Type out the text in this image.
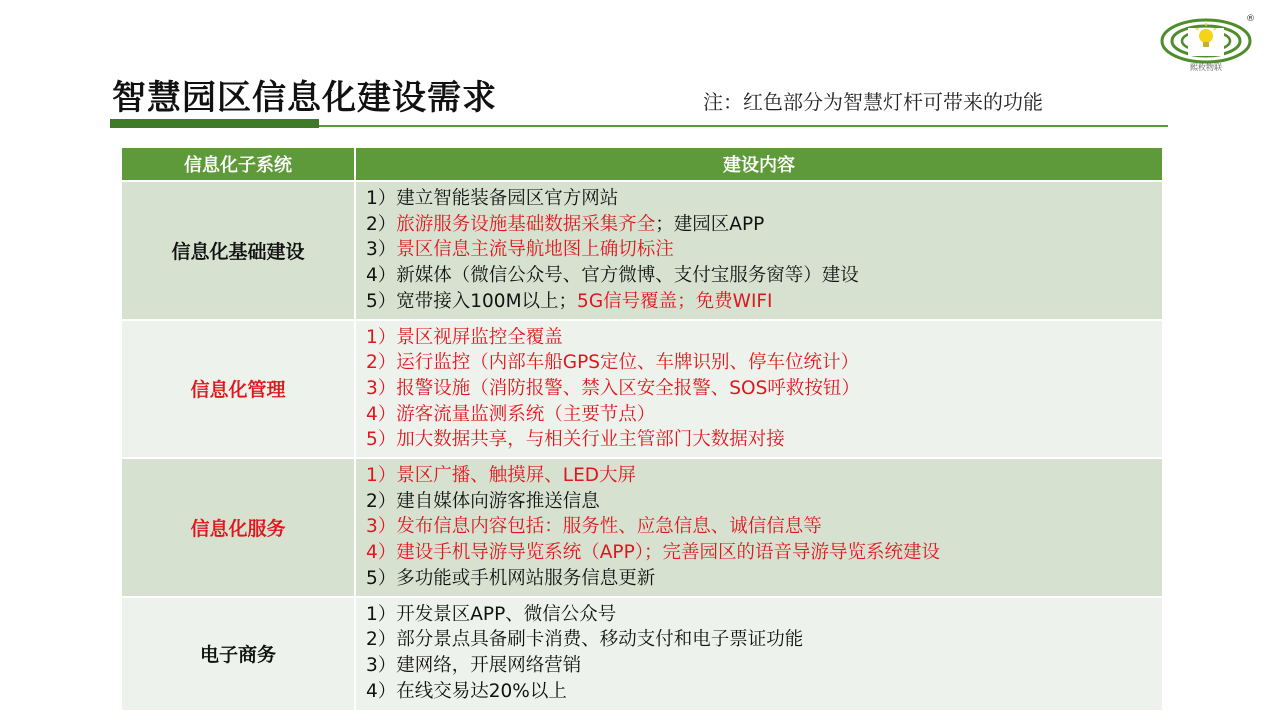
智慧园区信息化建设需求	注：红色部分为智慧灯杆可带来的功能
熙枚物联
®
信息化子系统	建设内容
信息化基础建设	1）建立智能装备园区官方网站
2）旅游服务设施基础数据采集齐全；建园区APP
3）景区信息主流导航地图上确切标注
4）新媒体（微信公众号、官方微博、支付宝服务窗等）建设
5）宽带接入100M以上；5G信号覆盖；免费WIFI

信息化管理	1）景区视屏监控全覆盖
2）运行监控（内部车船GPS定位、车牌识别、停车位统计）
3）报警设施（消防报警、禁入区安全报警、SOS呼救按钮）
4）游客流量监测系统（主要节点）
5）加大数据共享，与相关行业主管部门大数据对接

信息化服务	1）景区广播、触摸屏、LED大屏
2）建自媒体向游客推送信息
3）发布信息内容包括：服务性、应急信息、诚信信息等
4）建设手机导游导览系统（APP）；完善园区的语音导游导览系统建设
5）多功能或手机网站服务信息更新

电子商务	1）开发景区APP、微信公众号
2）部分景点具备刷卡消费、移动支付和电子票证功能
3）建网络，开展网络营销
4）在线交易达20%以上
